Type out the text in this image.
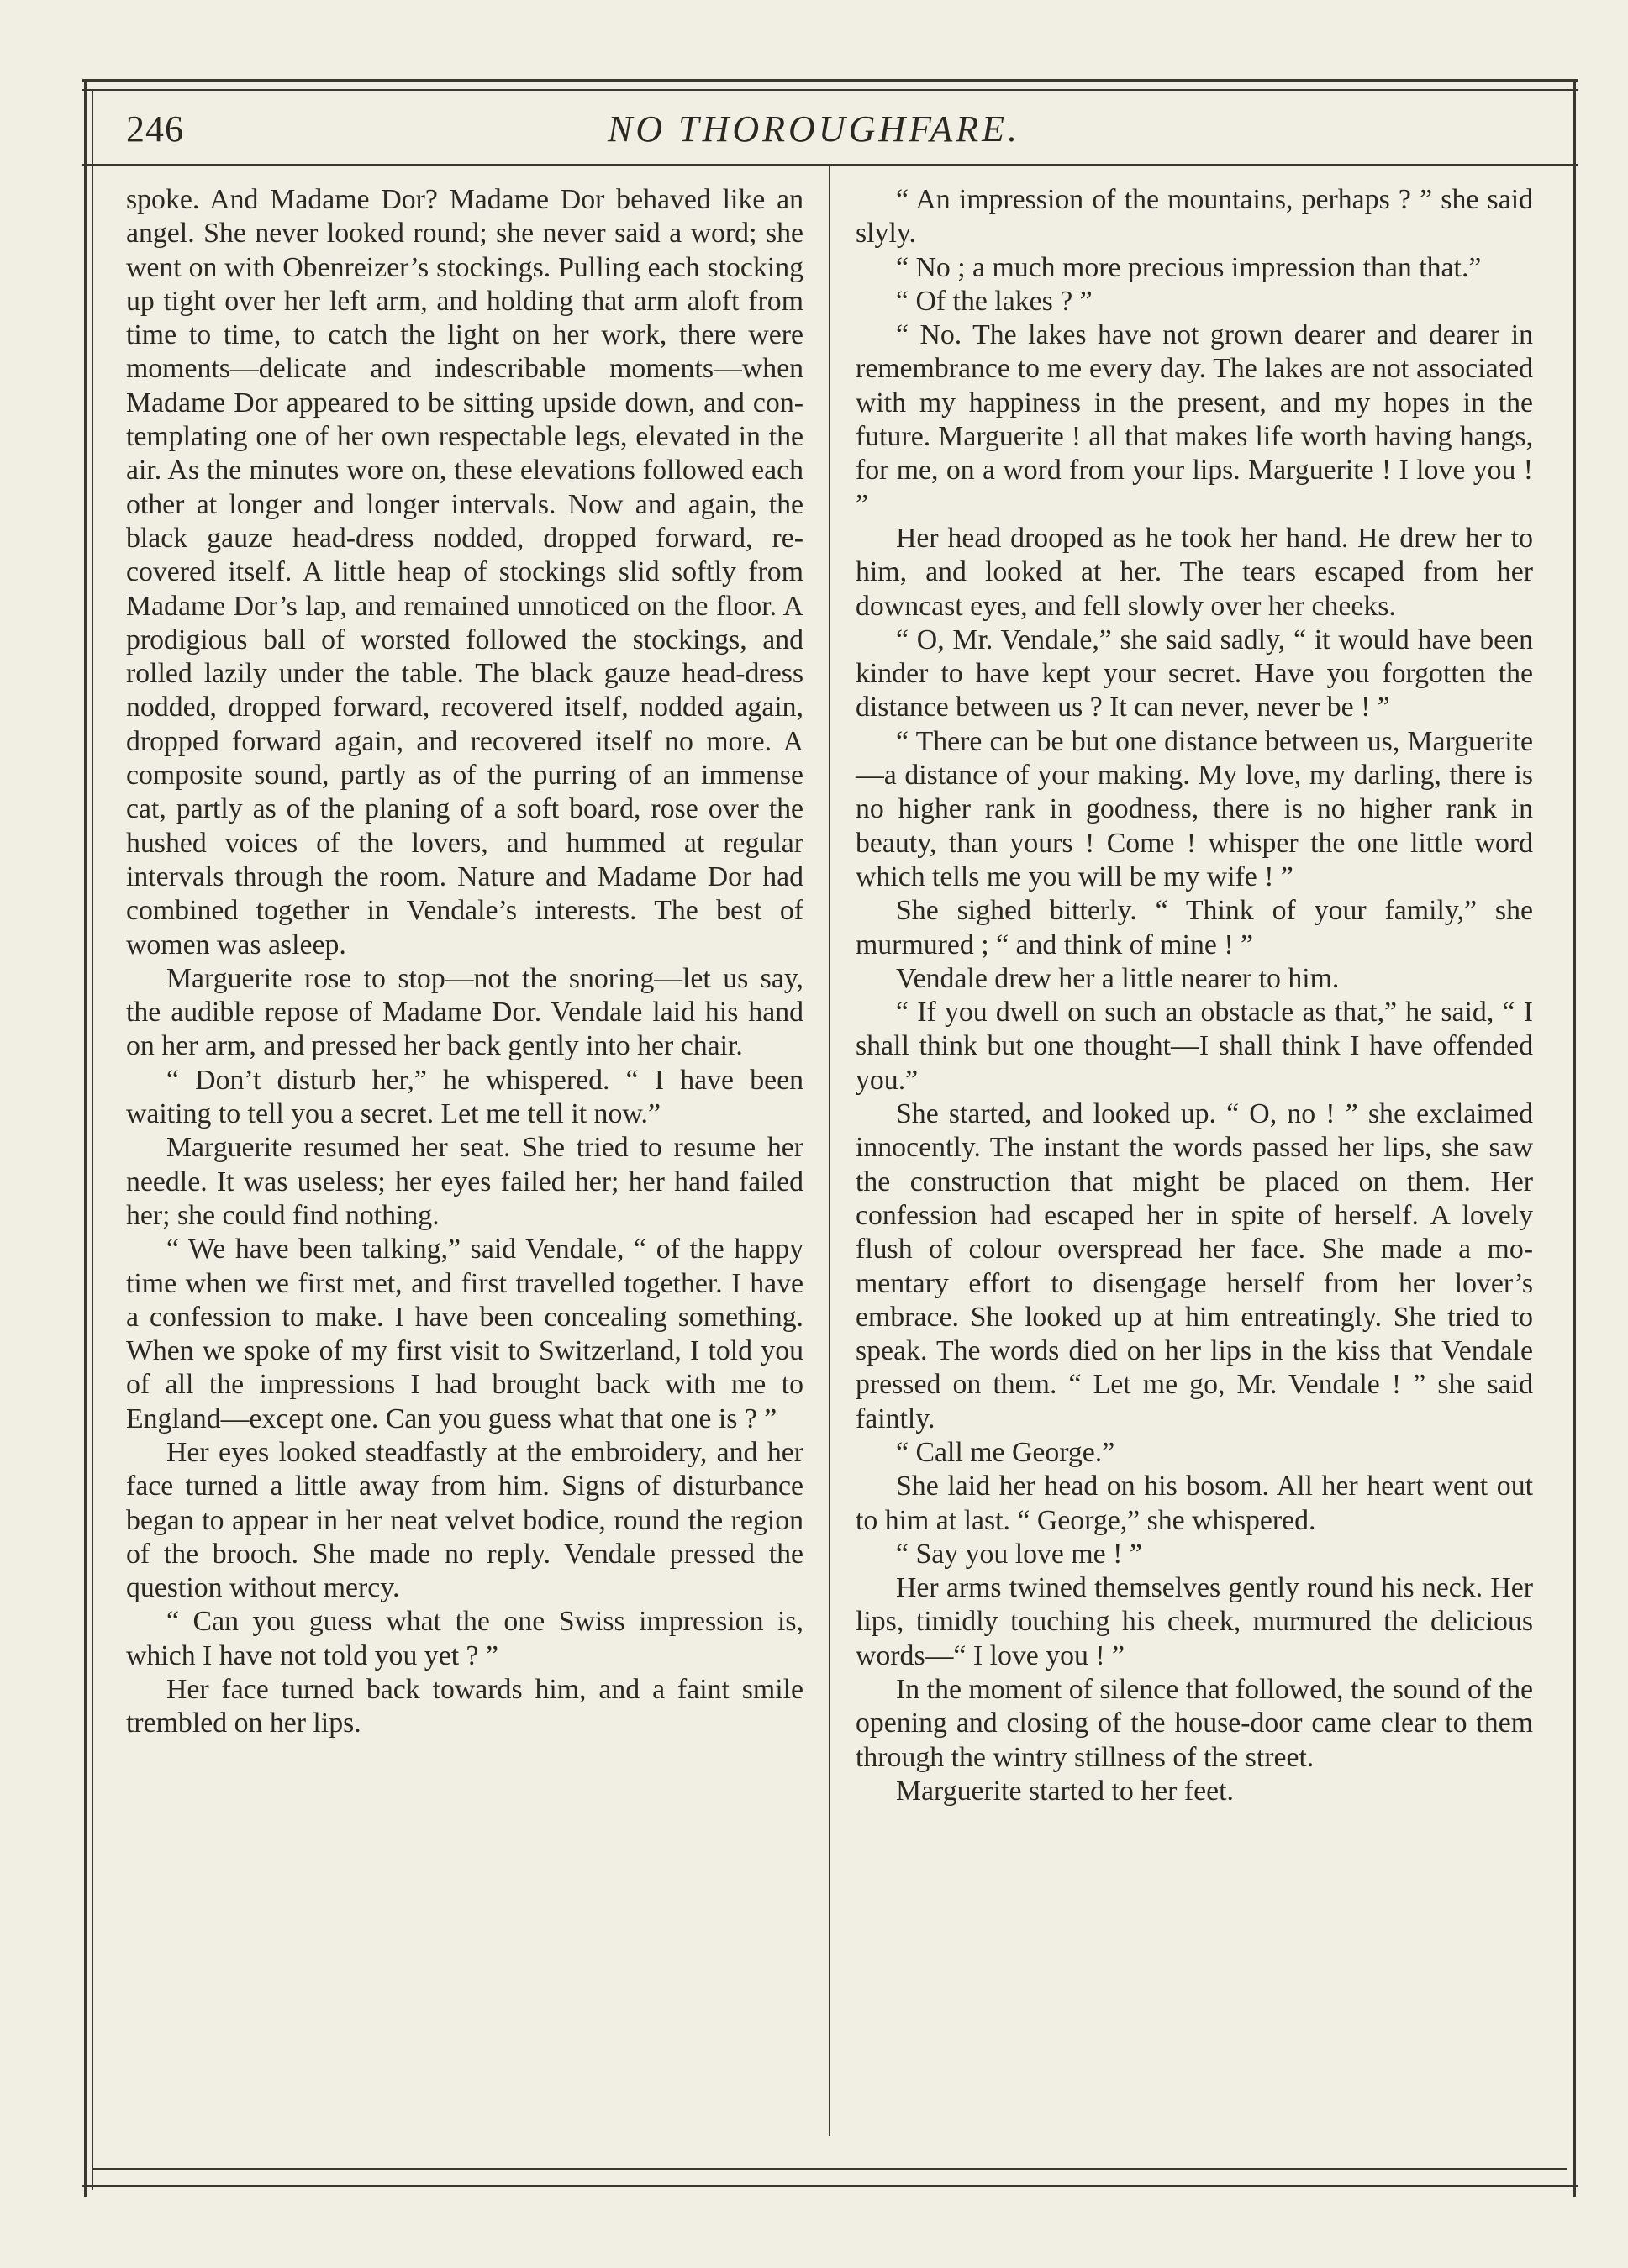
246	NO THOROUGHFARE.

spoke. And Madame Dor? Madame Dor behaved like an angel. She never looked round; she never said a word; she went on with Obenreizer’s stockings. Pulling each stocking up tight over her left arm, and holding that arm aloft from time to time, to catch the light on her work, there were moments—delicate and indescribable moments—when Madame Dor appeared to be sitting upside down, and contemplating one of her own respectable legs, elevated in the air. As the minutes wore on, these elevations followed each other at longer and longer intervals. Now and again, the black gauze head-dress nodded, dropped forward, recovered itself. A little heap of stockings slid softly from Madame Dor’s lap, and remained unnoticed on the floor. A prodigious ball of worsted followed the stockings, and rolled lazily under the table. The black gauze head-dress nodded, dropped forward, recovered itself, nodded again, dropped forward again, and recovered itself no more. A composite sound, partly as of the purring of an immense cat, partly as of the planing of a soft board, rose over the hushed voices of the lovers, and hummed at regular intervals through the room. Nature and Madame Dor had combined together in Vendale’s interests. The best of women was asleep.

Marguerite rose to stop—not the snoring—let us say, the audible repose of Madame Dor. Vendale laid his hand on her arm, and pressed her back gently into her chair.

“ Don’t disturb her,” he whispered. “ I have been waiting to tell you a secret. Let me tell it now.”

Marguerite resumed her seat. She tried to resume her needle. It was useless; her eyes failed her; her hand failed her; she could find nothing.

“ We have been talking,” said Vendale, “ of the happy time when we first met, and first travelled together. I have a confession to make. I have been concealing something. When we spoke of my first visit to Switzerland, I told you of all the impressions I had brought back with me to England—except one. Can you guess what that one is ? ”

Her eyes looked steadfastly at the embroidery, and her face turned a little away from him. Signs of disturbance began to appear in her neat velvet bodice, round the region of the brooch. She made no reply. Vendale pressed the question without mercy.

“ Can you guess what the one Swiss impression is, which I have not told you yet ? ”

Her face turned back towards him, and a faint smile trembled on her lips.

“ An impression of the mountains, perhaps ? ” she said slyly.

“ No ; a much more precious impression than that.”

“ Of the lakes ? ”

“ No. The lakes have not grown dearer and dearer in remembrance to me every day. The lakes are not associated with my happiness in the present, and my hopes in the future. Marguerite ! all that makes life worth having hangs, for me, on a word from your lips. Marguerite ! I love you ! ”

Her head drooped as he took her hand. He drew her to him, and looked at her. The tears escaped from her downcast eyes, and fell slowly over her cheeks.

“ O, Mr. Vendale,” she said sadly, “ it would have been kinder to have kept your secret. Have you forgotten the distance between us ? It can never, never be ! ”

“ There can be but one distance between us, Marguerite—a distance of your making. My love, my darling, there is no higher rank in goodness, there is no higher rank in beauty, than yours ! Come ! whisper the one little word which tells me you will be my wife ! ”

She sighed bitterly. “ Think of your family,” she murmured ; “ and think of mine ! ”

Vendale drew her a little nearer to him.

“ If you dwell on such an obstacle as that,” he said, “ I shall think but one thought—I shall think I have offended you.”

She started, and looked up. “ O, no ! ” she exclaimed innocently. The instant the words passed her lips, she saw the construction that might be placed on them. Her confession had escaped her in spite of herself. A lovely flush of colour overspread her face. She made a momentary effort to disengage herself from her lover’s embrace. She looked up at him entreatingly. She tried to speak. The words died on her lips in the kiss that Vendale pressed on them. “ Let me go, Mr. Vendale ! ” she said faintly.

“ Call me George.”

She laid her head on his bosom. All her heart went out to him at last. “ George,” she whispered.

“ Say you love me ! ”

Her arms twined themselves gently round his neck. Her lips, timidly touching his cheek, murmured the delicious words—“ I love you ! ”

In the moment of silence that followed, the sound of the opening and closing of the house-door came clear to them through the wintry stillness of the street.

Marguerite started to her feet.
